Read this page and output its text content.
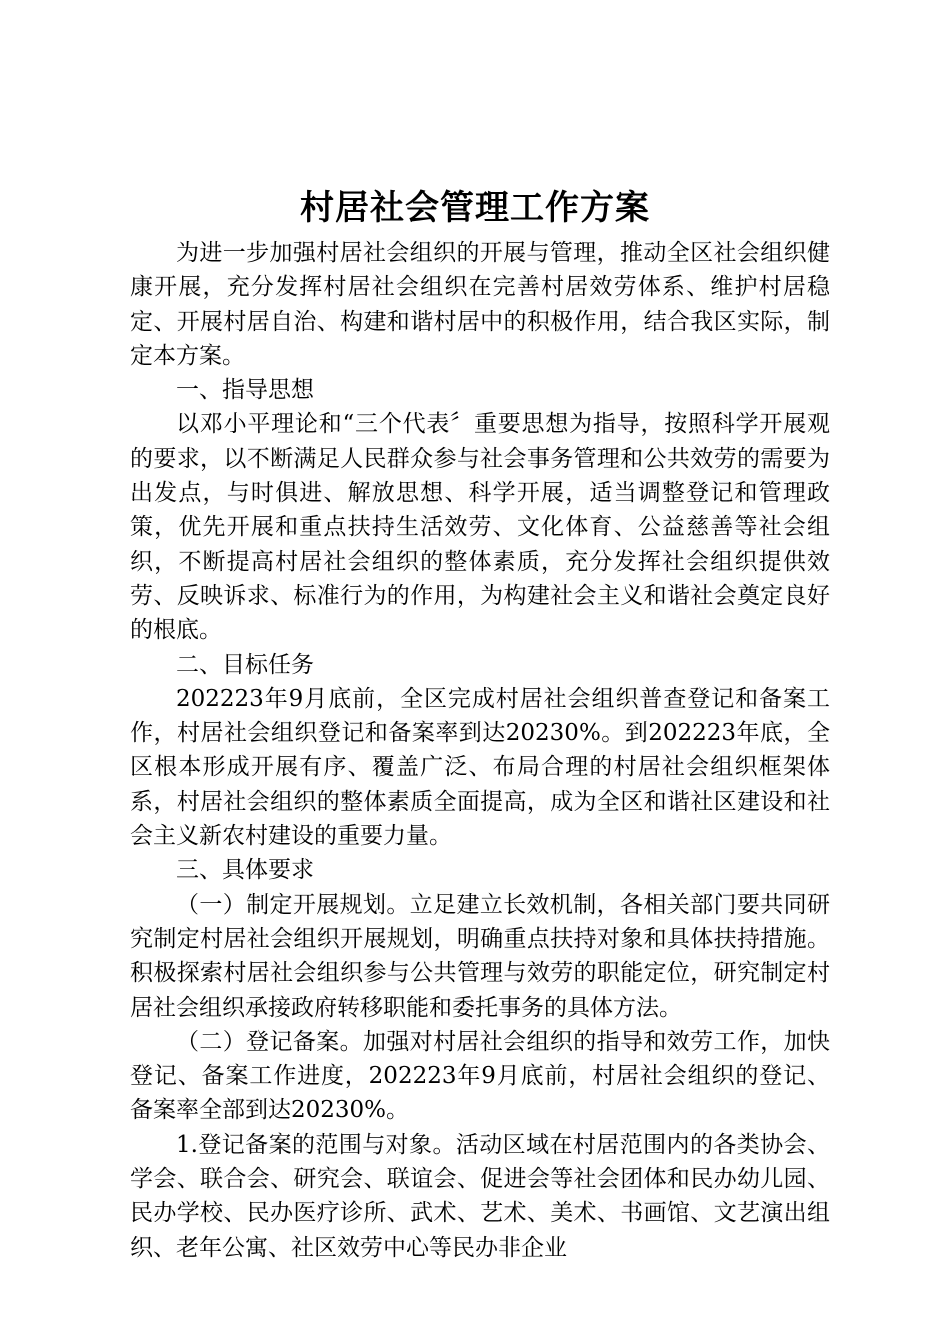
村居社会管理工作方案

为进一步加强村居社会组织的开展与管理，推动全区社会组织健康开展，充分发挥村居社会组织在完善村居效劳体系、维护村居稳定、开展村居自治、构建和谐村居中的积极作用，结合我区实际，制定本方案。

一、指导思想

以邓小平理论和“三个代表〞重要思想为指导，按照科学开展观的要求，以不断满足人民群众参与社会事务管理和公共效劳的需要为出发点，与时俱进、解放思想、科学开展，适当调整登记和管理政策，优先开展和重点扶持生活效劳、文化体育、公益慈善等社会组织，不断提高村居社会组织的整体素质，充分发挥社会组织提供效劳、反映诉求、标准行为的作用，为构建社会主义和谐社会奠定良好的根底。

二、目标任务

202223年9月底前，全区完成村居社会组织普查登记和备案工作，村居社会组织登记和备案率到达20230%。到202223年底，全区根本形成开展有序、覆盖广泛、布局合理的村居社会组织框架体系，村居社会组织的整体素质全面提高，成为全区和谐社区建设和社会主义新农村建设的重要力量。

三、具体要求

（一）制定开展规划。立足建立长效机制，各相关部门要共同研究制定村居社会组织开展规划，明确重点扶持对象和具体扶持措施。积极探索村居社会组织参与公共管理与效劳的职能定位，研究制定村居社会组织承接政府转移职能和委托事务的具体方法。

（二）登记备案。加强对村居社会组织的指导和效劳工作，加快登记、备案工作进度，202223年9月底前，村居社会组织的登记、备案率全部到达20230%。

1.登记备案的范围与对象。活动区域在村居范围内的各类协会、学会、联合会、研究会、联谊会、促进会等社会团体和民办幼儿园、民办学校、民办医疗诊所、武术、艺术、美术、书画馆、文艺演出组织、老年公寓、社区效劳中心等民办非企业
